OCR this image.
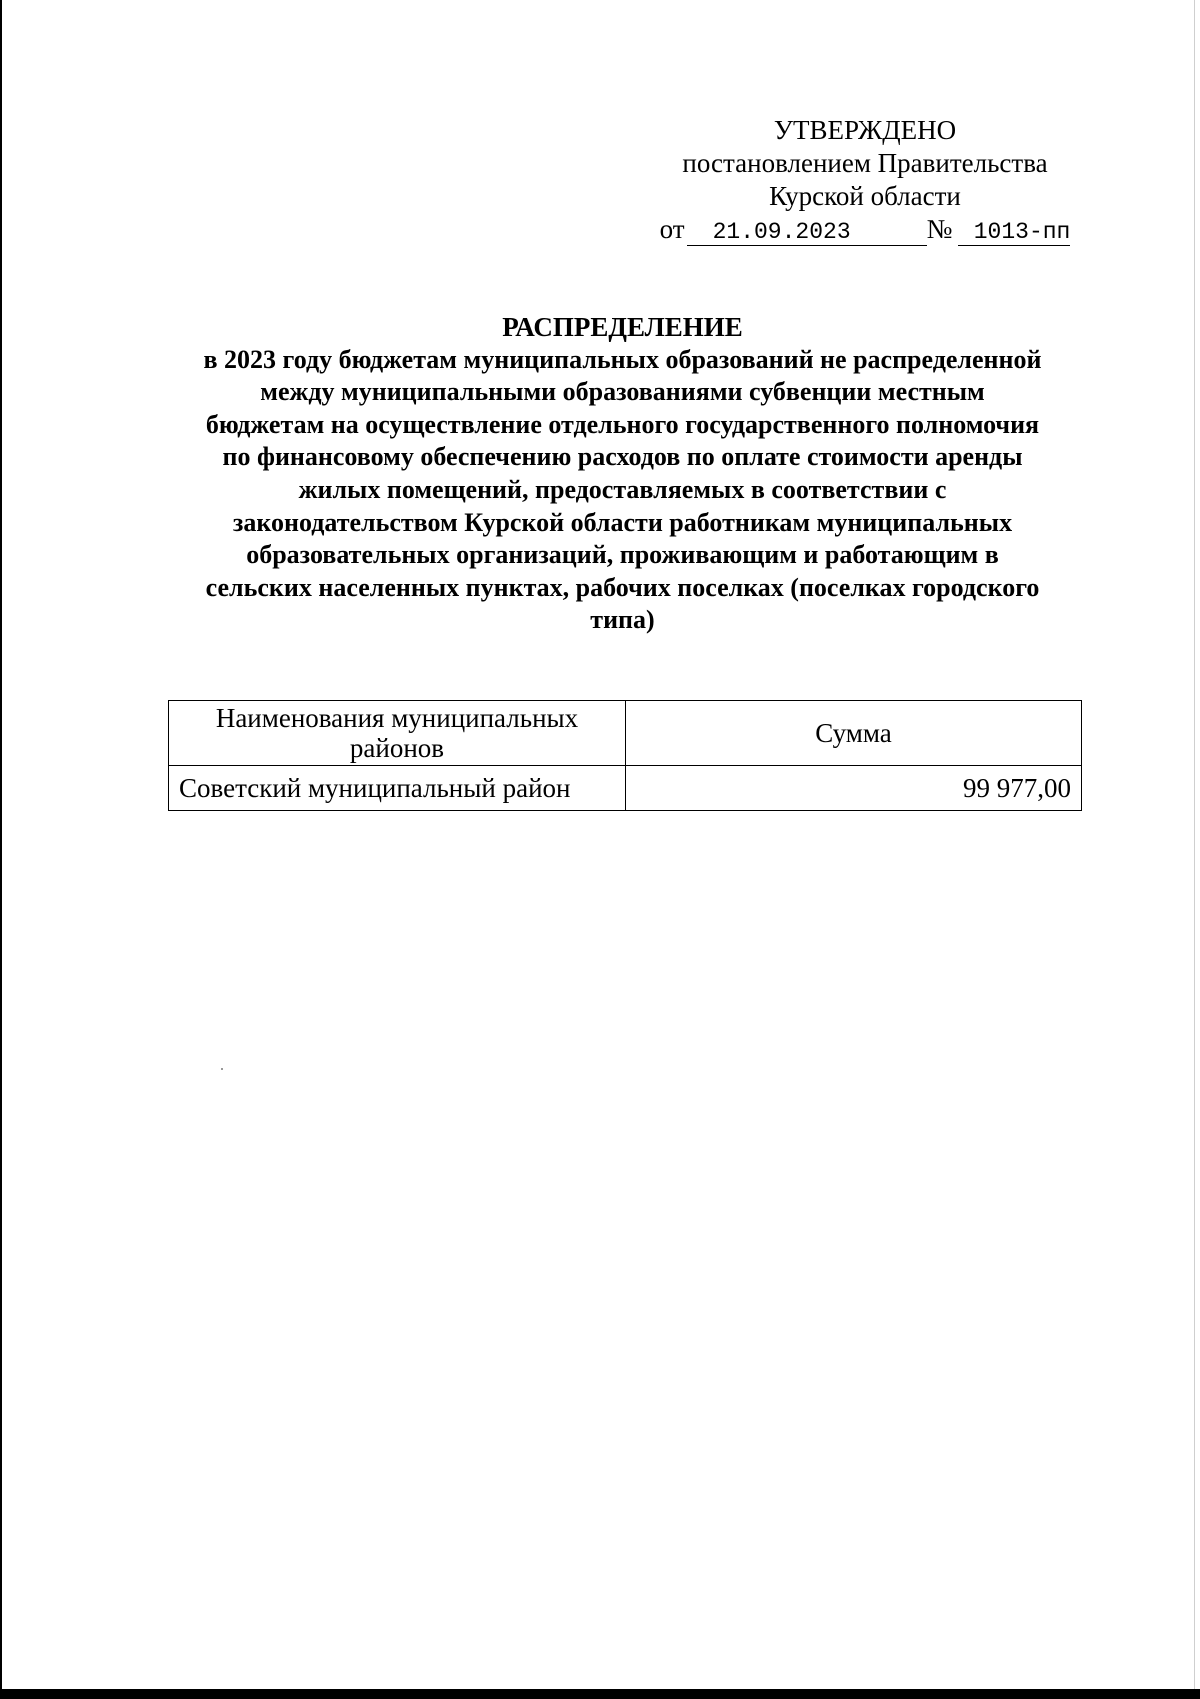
УТВЕРЖДЕНО
постановлением Правительства
Курской области
от	21.09.2023	№ 1013-пп
РАСПРЕДЕЛЕНИЕ
в 2023 году бюджетам муниципальных образований не распределенной
между муниципальными образованиями субвенции местным
бюджетам на осуществление отдельного государственного полномочия
по финансовому обеспечению расходов по оплате стоимости аренды
жилых помещений, предоставляемых в соответствии с
законодательством Курской области работникам муниципальных
образовательных организаций, проживающим и работающим в
сельских населенных пунктах, рабочих поселках (поселках городского
типа)
Наименования муниципальных
районов	Сумма
Советский муниципальный район	99 977,00
